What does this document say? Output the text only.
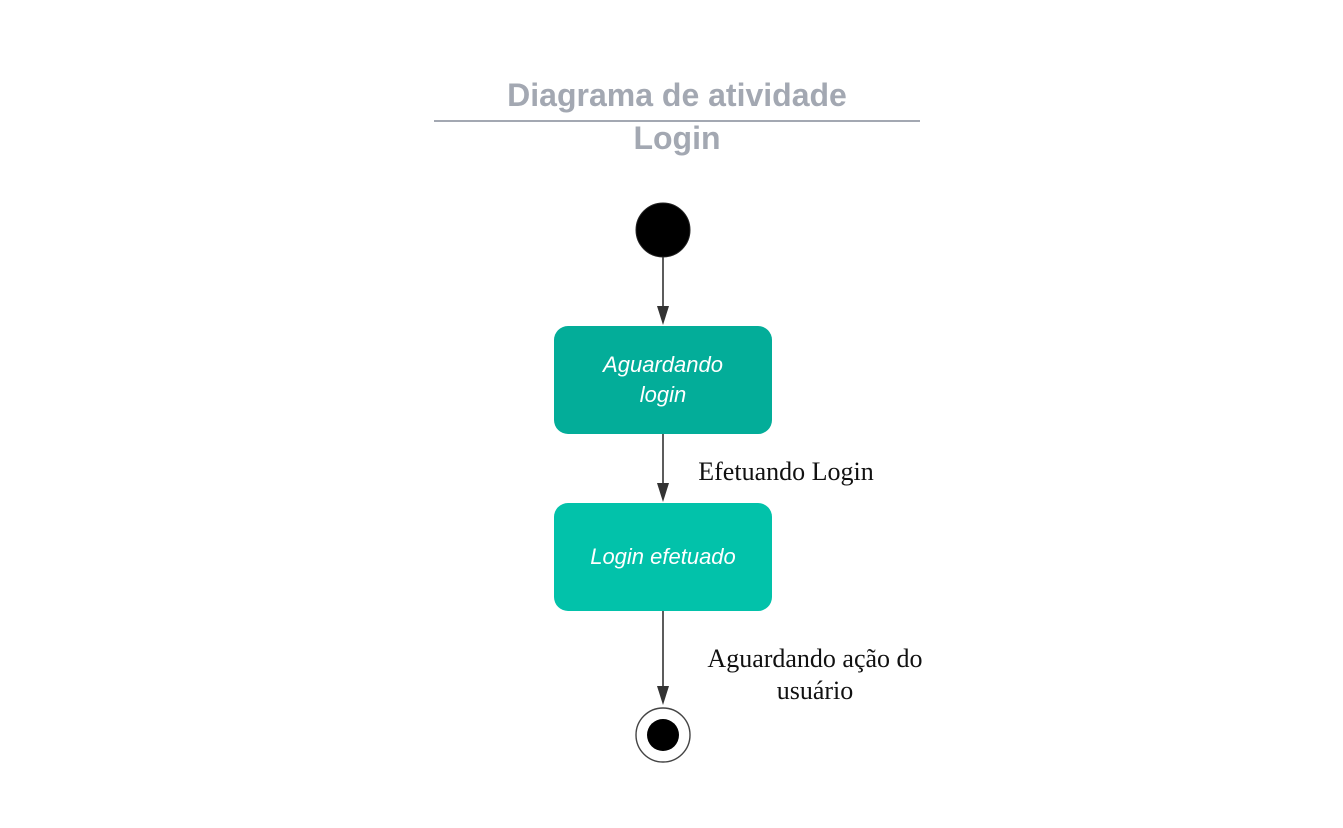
Diagrama de atividade
Login
Aguardando login
Login efetuado
Efetuando Login
Aguardando ação do usuário
